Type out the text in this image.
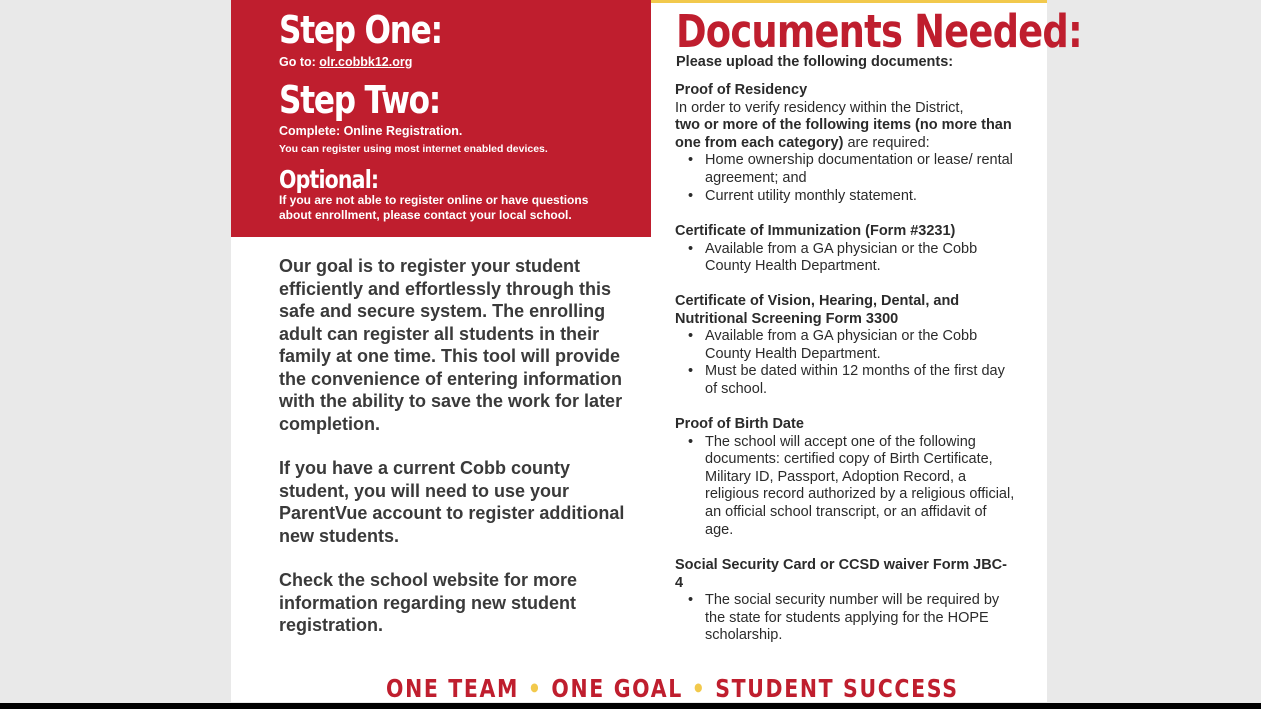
Step One:
Go to: olr.cobbk12.org
Step Two:
Complete: Online Registration.
You can register using most internet enabled devices.
Optional:
If you are not able to register online or have questions
about enrollment, please contact your local school.

Our goal is to register your student efficiently and effortlessly through this safe and secure system. The enrolling adult can register all students in their family at one time. This tool will provide the convenience of entering information with the ability to save the work for later completion.

If you have a current Cobb county student, you will need to use your ParentVue account to register additional new students.

Check the school website for more information regarding new student registration.

Documents Needed:
Please upload the following documents:
Proof of Residency

In order to verify residency within the District,
two or more of the following items (no more than one from each category) are required:

• Home ownership documentation or lease/ rental agreement; and
• Current utility monthly statement.
Certificate of Immunization (Form #3231)
• Available from a GA physician or the Cobb County Health Department.
Certificate of Vision, Hearing, Dental, and Nutritional Screening Form 3300
• Available from a GA physician or the Cobb County Health Department.
• Must be dated within 12 months of the first day of school.
Proof of Birth Date
• The school will accept one of the following documents: certified copy of Birth Certificate, Military ID, Passport, Adoption Record, a religious record authorized by a religious official, an official school transcript, or an affidavit of age.
Social Security Card or CCSD waiver Form JBC-4
• The social security number will be required by the state for students applying for the HOPE scholarship.
ONE TEAM • ONE GOAL • STUDENT SUCCESS
